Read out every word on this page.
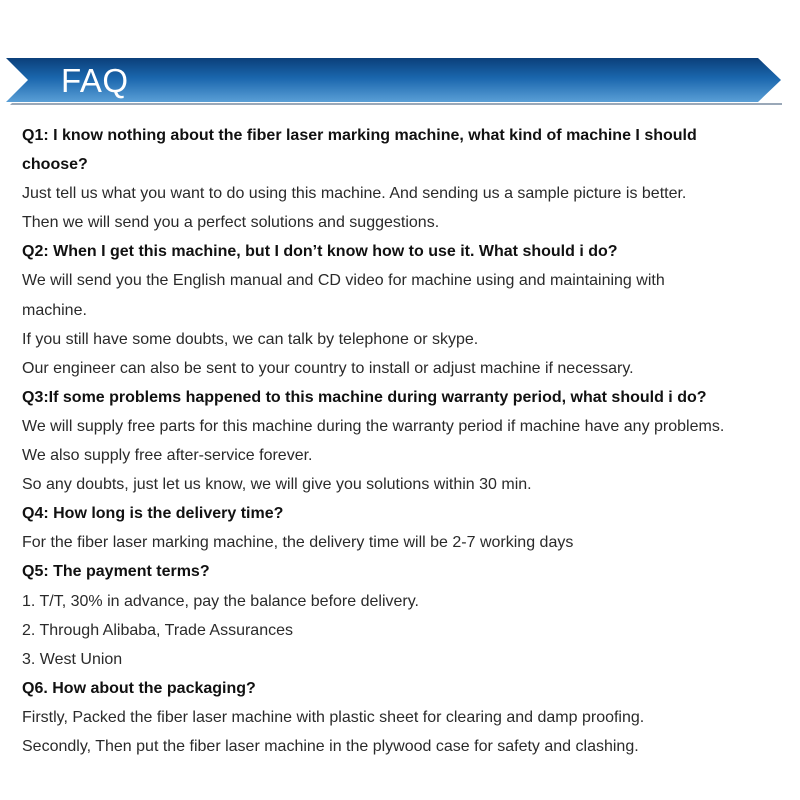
FAQ

Q1: I know nothing about the fiber laser marking machine, what kind of machine I should

choose?

Just tell us what you want to do using this machine. And sending us a sample picture is better.

Then we will send you a perfect solutions and suggestions.

Q2: When I get this machine, but I don’t know how to use it. What should i do?

We will send you the English manual and CD video for machine using and maintaining with

machine.

If you still have some doubts, we can talk by telephone or skype.

Our engineer can also be sent to your country to install or adjust machine if necessary.

Q3:If some problems happened to this machine during warranty period, what should i do?

We will supply free parts for this machine during the warranty period if machine have any problems.

We also supply free after-service forever.

So any doubts, just let us know, we will give you solutions within 30 min.

Q4: How long is the delivery time?

For the fiber laser marking machine, the delivery time will be 2-7 working days

Q5: The payment terms?

1. T/T, 30% in advance, pay the balance before delivery.

2. Through Alibaba, Trade Assurances

3. West Union

Q6. How about the packaging?

Firstly, Packed the fiber laser machine with plastic sheet for clearing and damp proofing.

Secondly, Then put the fiber laser machine in the plywood case for safety and clashing.
